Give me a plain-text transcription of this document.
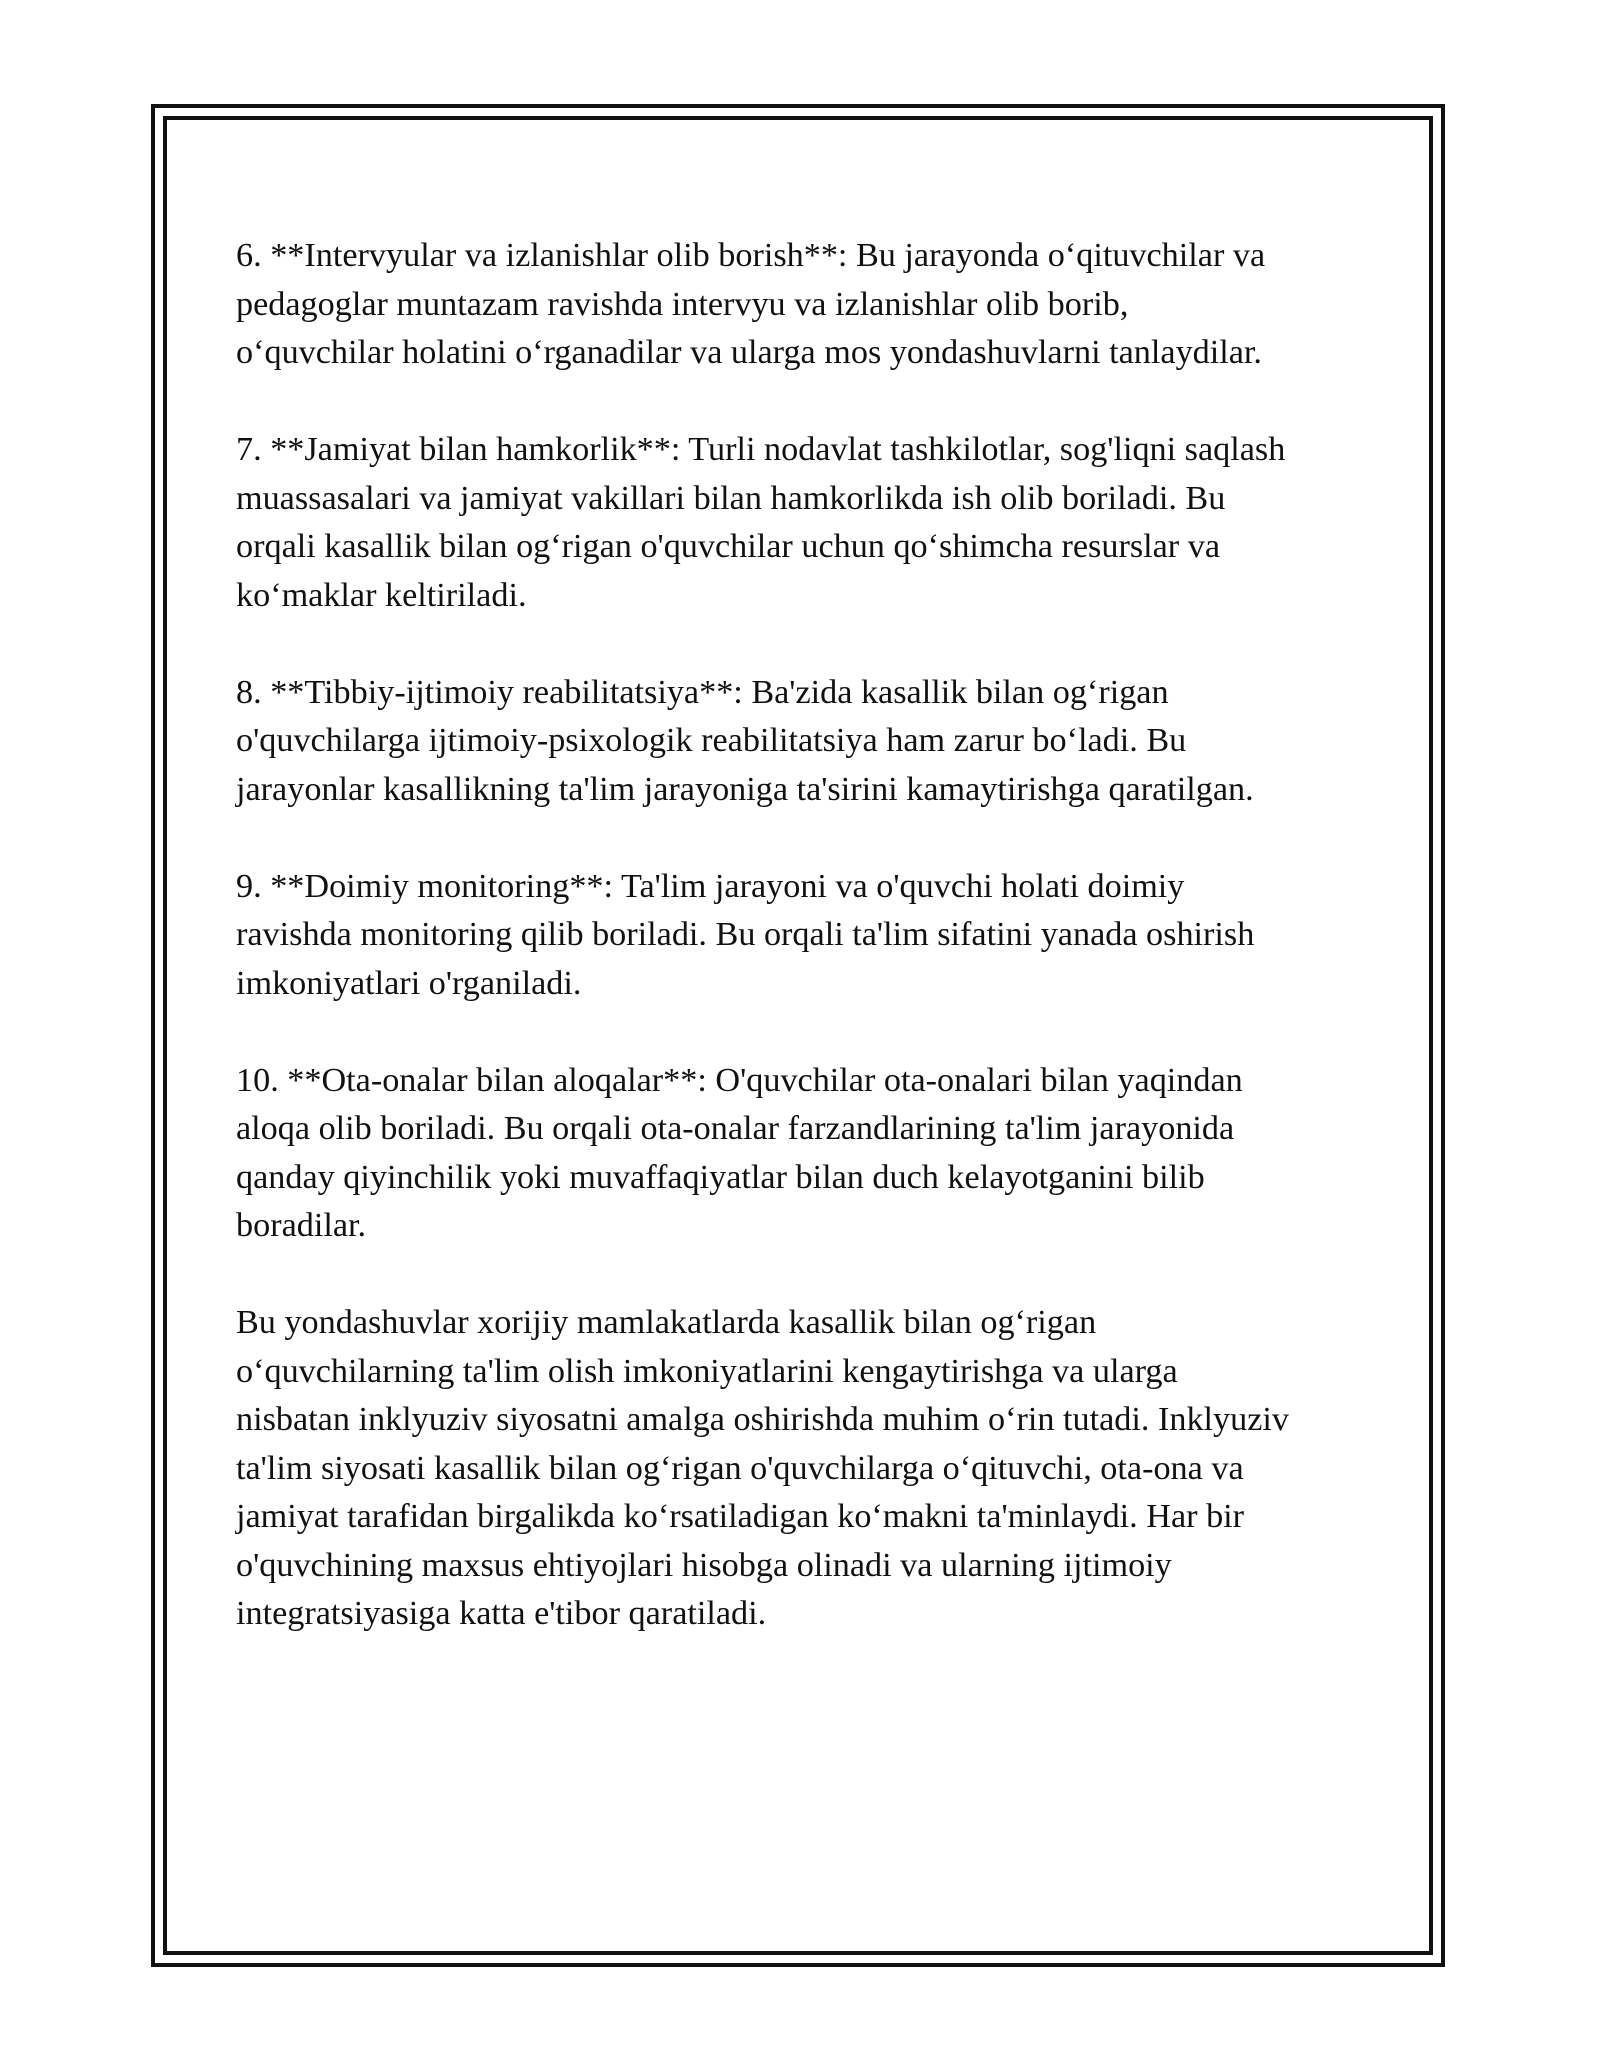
6. **Intervyular va izlanishlar olib borish**: Bu jarayonda oʻqituvchilar va
pedagoglar muntazam ravishda intervyu va izlanishlar olib borib,
oʻquvchilar holatini oʻrganadilar va ularga mos yondashuvlarni tanlaydilar.

7. **Jamiyat bilan hamkorlik**: Turli nodavlat tashkilotlar, sog'liqni saqlash
muassasalari va jamiyat vakillari bilan hamkorlikda ish olib boriladi. Bu
orqali kasallik bilan ogʻrigan o'quvchilar uchun qoʻshimcha resurslar va
koʻmaklar keltiriladi.

8. **Tibbiy-ijtimoiy reabilitatsiya**: Ba'zida kasallik bilan ogʻrigan
o'quvchilarga ijtimoiy-psixologik reabilitatsiya ham zarur boʻladi. Bu
jarayonlar kasallikning ta'lim jarayoniga ta'sirini kamaytirishga qaratilgan.

9. **Doimiy monitoring**: Ta'lim jarayoni va o'quvchi holati doimiy
ravishda monitoring qilib boriladi. Bu orqali ta'lim sifatini yanada oshirish
imkoniyatlari o'rganiladi.

10. **Ota-onalar bilan aloqalar**: O'quvchilar ota-onalari bilan yaqindan
aloqa olib boriladi. Bu orqali ota-onalar farzandlarining ta'lim jarayonida
qanday qiyinchilik yoki muvaffaqiyatlar bilan duch kelayotganini bilib
boradilar.

Bu yondashuvlar xorijiy mamlakatlarda kasallik bilan ogʻrigan
oʻquvchilarning ta'lim olish imkoniyatlarini kengaytirishga va ularga
nisbatan inklyuziv siyosatni amalga oshirishda muhim oʻrin tutadi. Inklyuziv
ta'lim siyosati kasallik bilan ogʻrigan o'quvchilarga oʻqituvchi, ota-ona va
jamiyat tarafidan birgalikda koʻrsatiladigan koʻmakni ta'minlaydi. Har bir
o'quvchining maxsus ehtiyojlari hisobga olinadi va ularning ijtimoiy
integratsiyasiga katta e'tibor qaratiladi.
